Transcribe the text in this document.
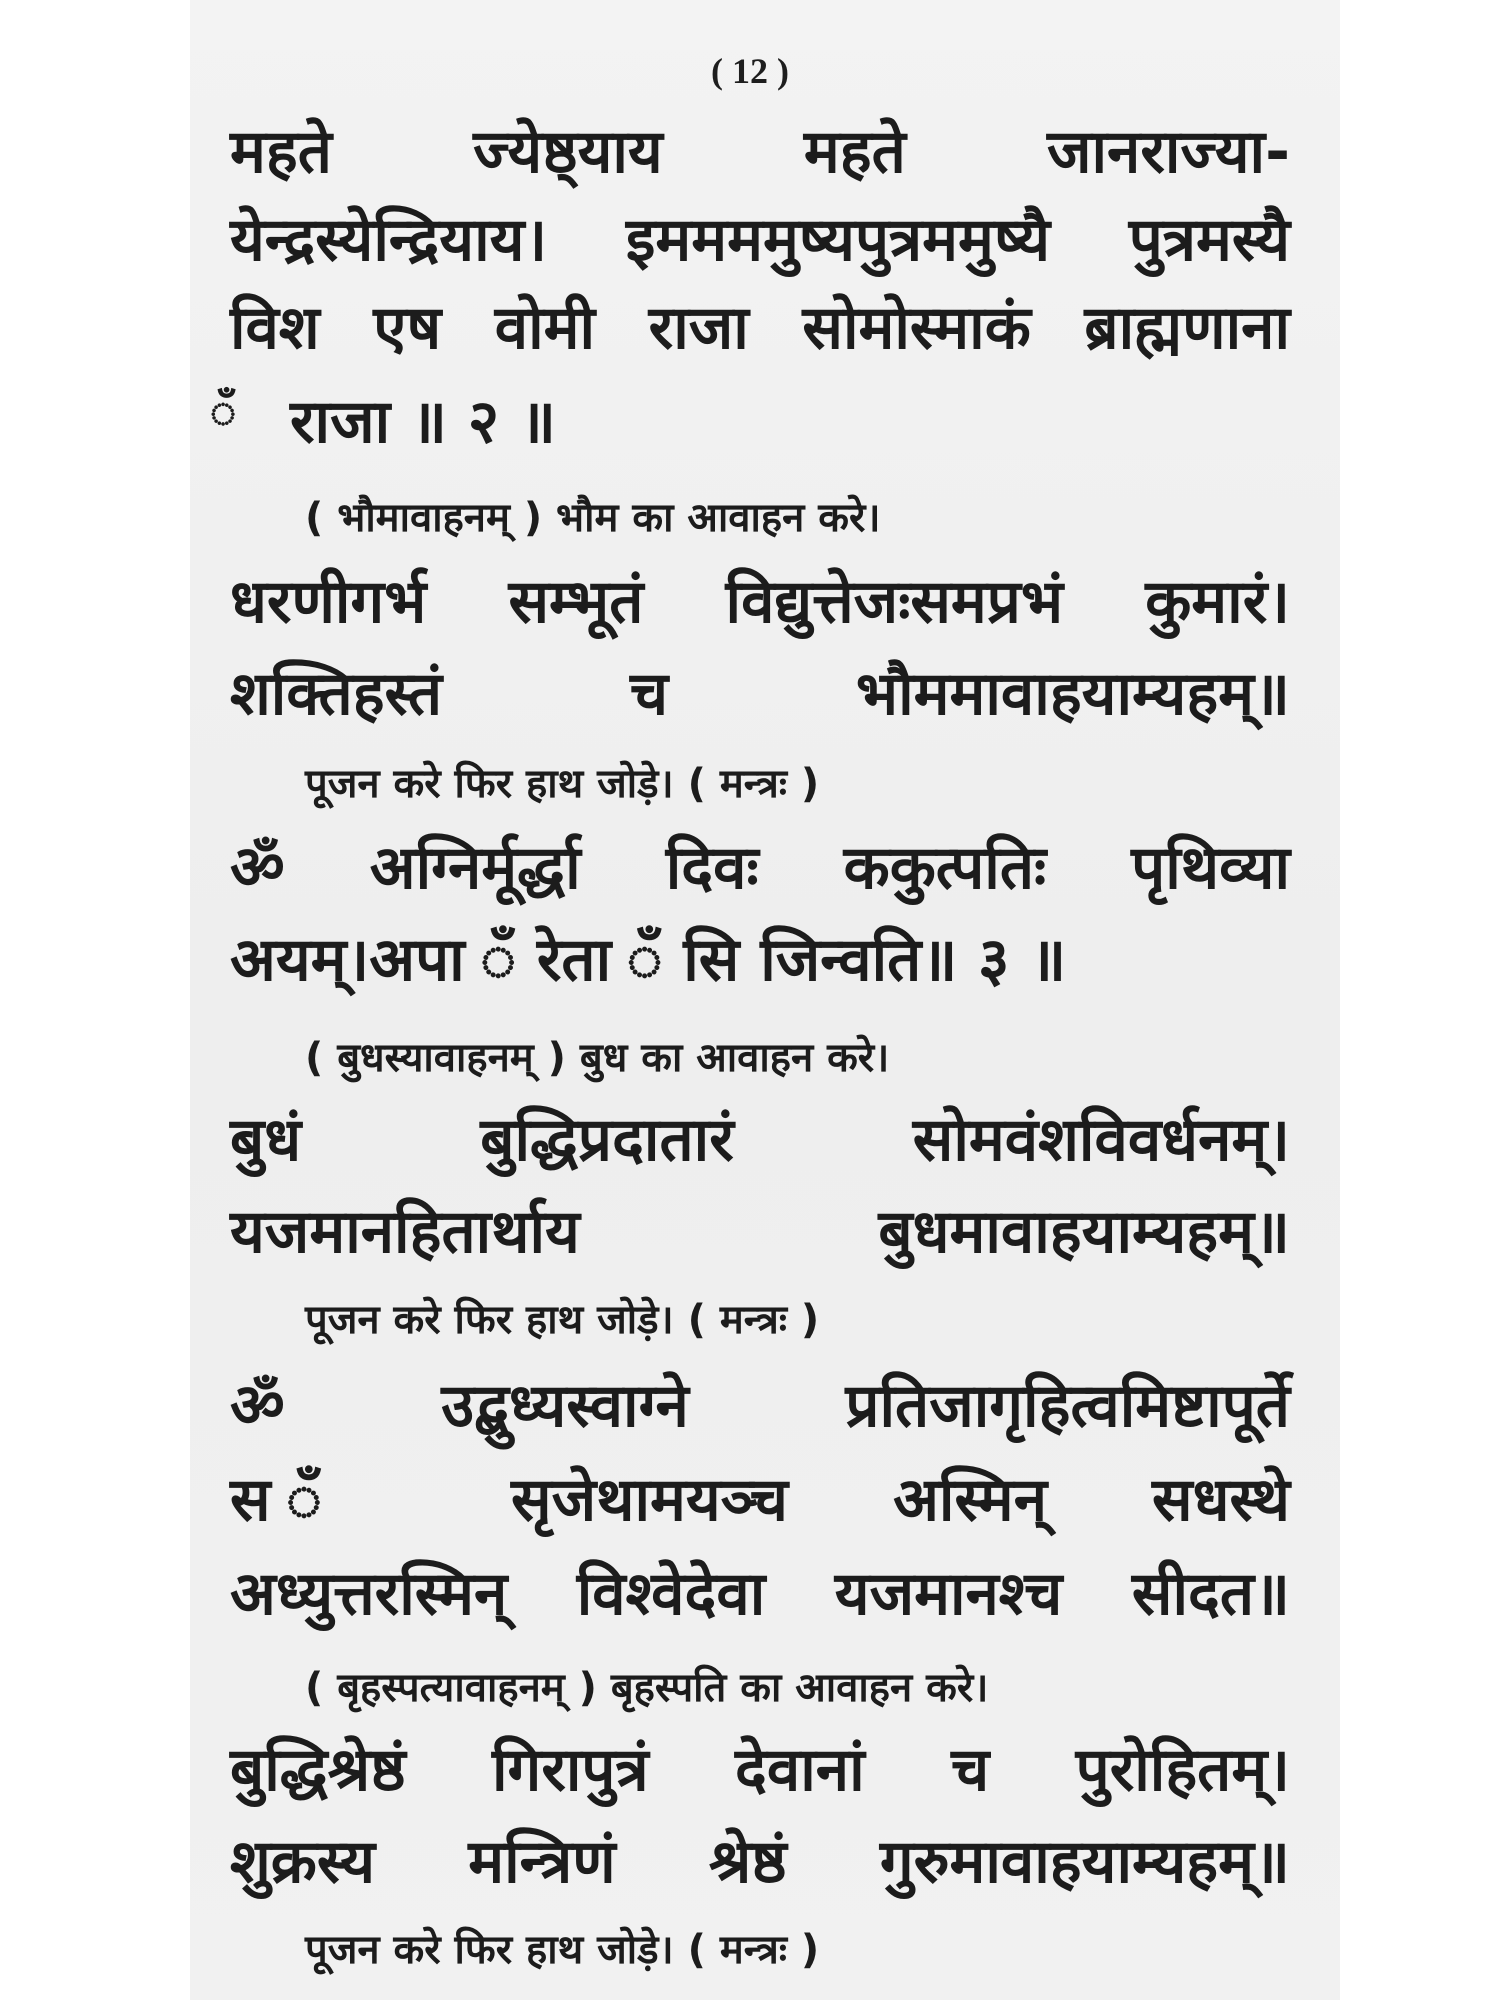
( 12 )
ँ
महते ज्येष्ठ्याय महते जानराज्या-
येन्द्रस्येन्द्रियाय। इममममुष्यपुत्रममुष्यै पुत्रमस्यै
विश एष वोमी राजा सोमोस्माकं ब्राह्मणाना
राजा ॥ २ ॥
( भौमावाहनम् ) भौम का आवाहन करे।
धरणीगर्भ सम्भूतं विद्युत्तेजःसमप्रभं कुमारं।
शक्तिहस्तं च भौममावाहयाम्यहम्॥
पूजन करे फिर हाथ जोड़े। ( मन्त्रः )
ॐ अग्निर्मूर्द्धा दिवः ककुत्पतिः पृथिव्या
अयम्।अपा ँ रेता ँ सि जिन्वति॥ ३ ॥
( बुधस्यावाहनम् ) बुध का आवाहन करे।
बुधं बुद्धिप्रदातारं सोमवंशविवर्धनम्।
यजमानहितार्थाय बुधमावाहयाम्यहम्॥
पूजन करे फिर हाथ जोड़े। ( मन्त्रः )
ॐ उद्बुध्यस्वाग्ने प्रतिजागृहित्वमिष्टापूर्ते
स ँ सृजेथामयञ्च अस्मिन् सधस्थे
अध्युत्तरस्मिन् विश्वेदेवा यजमानश्च सीदत॥
( बृहस्पत्यावाहनम् ) बृहस्पति का आवाहन करे।
बुद्धिश्रेष्ठं गिरापुत्रं देवानां च पुरोहितम्।
शुक्रस्य मन्त्रिणं श्रेष्ठं गुरुमावाहयाम्यहम्॥
पूजन करे फिर हाथ जोड़े। ( मन्त्रः )
